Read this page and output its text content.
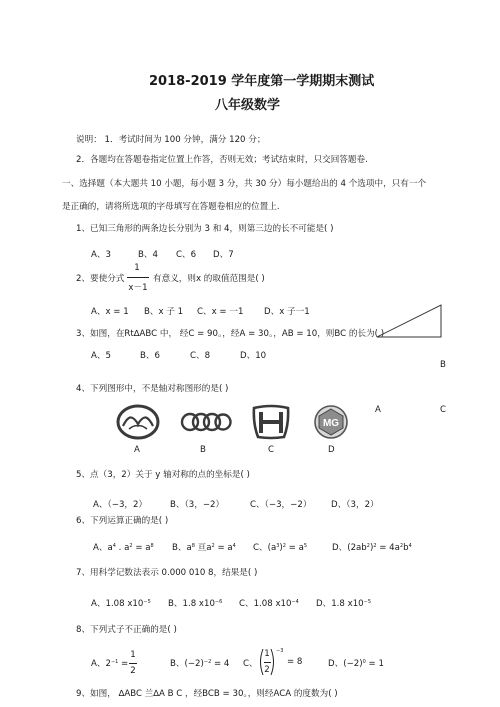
2018-2019 学年度第一学期期末测试
八年级数学
说明： 1．考试时间为 100 分钟，满分 120 分；
2．各题均在答题卷指定位置上作答，否则无效；考试结束时，只交回答题卷.
一、选择题（本大题共 10 小题，每小题 3 分，共 30 分）每小题给出的 4 个选项中，只有一个
是正确的，请将所选项的字母填写在答题卷相应的位置上.
1、已知三角形的两条边长分别为 3 和 4，则第三边的长不可能是( )
A、3	B、4 C、6 D、7
2、要使分式
1
x－1
有意义，则x 的取值范围是( )
A、x = 1 B、x 子 1 C、x = 一1 D、x 子一1
3、如图，在Rt∆ABC 中， 经C = 90。，经A = 30。，AB = 10，则BC 的长为( )
A、5	B、6	C、8	D、10
B
4、下列图形中，不是轴对称图形的是( )
A	C
MG
A	B	C	D
5、点（3，2）关于 y 轴对称的点的坐标是( )
A、（−3，2）	B、（3，−2）	C、（−3，−2） D、（3，2）
6、下列运算正确的是( )
A、$a^4$ . $a^2 = a^8$ B、$a^8$ 亘$a^2 = a^4$ C、$(a^3)^2 = a^5$	D、$(2ab^2)^2 = 4a^2b^4$
7、用科学记数法表示 0.000 010 8，结果是( )
A、1.08 $x10^{-5}$ B、1.8 $x10^{-6}$ C、1.08 $x10^{-4}$ D、1.8 $x10^{-5}$
8、下列式子不正确的是( )
A、$2^{-1}$ =
1
2
B、$(-2)^{-2} = 4$ C、
1
2
$^{-3}$
= 8	D、$(-2)^0 = 1$
9、如图， ∆ABC 兰∆A B C ，经BCB = 30。，则经ACA 的度数为( )
